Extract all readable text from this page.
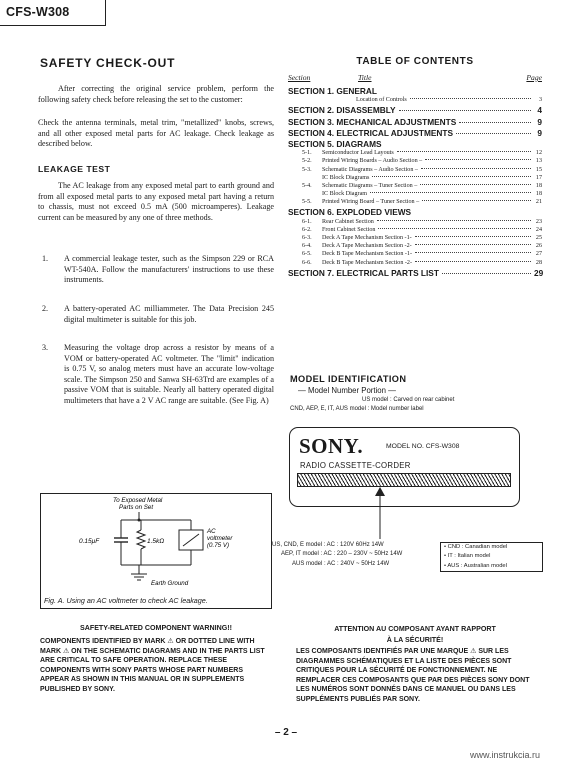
CFS-W308
SAFETY CHECK-OUT
After correcting the original service problem, perform the following safety check before releasing the set to the customer:
Check the antenna terminals, metal trim, "metallized" knobs, screws, and all other exposed metal parts for AC leakage. Check leakage as described below.
LEAKAGE TEST
The AC leakage from any exposed metal part to earth ground and from all exposed metal parts to any exposed metal part having a return to chassis, must not exceed 0.5 mA (500 microamperes). Leakage current can be measured by any one of three methods.
1. A commercial leakage tester, such as the Simpson 229 or RCA WT-540A. Follow the manufacturers' instructions to use these instruments.
2. A battery-operated AC milliammeter. The Data Precision 245 digital multimeter is suitable for this job.
3. Measuring the voltage drop across a resistor by means of a VOM or battery-operated AC voltmeter. The "limit" indication is 0.75 V, so analog meters must have an accurate low-voltage scale. The Simpson 250 and Sanwa SH-63Trd are examples of a passive VOM that is suitable. Nearly all battery operated digital multimeters that have a 2 V AC range are suitable. (See Fig. A)
To Exposed Metal
Parts on Set
0.15μF	1.5kΩ
AC
voltmeter
(0.75 V)
Earth Ground
Fig. A. Using an AC voltmeter to check AC leakage.
SAFETY-RELATED COMPONENT WARNING!!
COMPONENTS IDENTIFIED BY MARK ⚠ OR DOTTED LINE WITH MARK ⚠ ON THE SCHEMATIC DIAGRAMS AND IN THE PARTS LIST ARE CRITICAL TO SAFE OPERATION. REPLACE THESE COMPONENTS WITH SONY PARTS WHOSE PART NUMBERS APPEAR AS SHOWN IN THIS MANUAL OR IN SUPPLEMENTS PUBLISHED BY SONY.
TABLE OF CONTENTS
Section	Title	Page
SECTION 1. GENERAL
Location of Controls	3
SECTION 2. DISASSEMBLY	4
SECTION 3. MECHANICAL ADJUSTMENTS	9
SECTION 4. ELECTRICAL ADJUSTMENTS	9
SECTION 5. DIAGRAMS
5-1.	Semiconductor Lead Layouts	12
5-2.	Printed Wiring Boards – Audio Section –	13
5-3.	Schematic Diagrams – Audio Section –	15
IC Block Diagrams	17
5-4.	Schematic Diagrams – Tuner Section –	18
IC Block Diagram	18
5-5.	Printed Wiring Board – Tuner Section –	21
SECTION 6. EXPLODED VIEWS
6-1.	Rear Cabinet Section	23
6-2.	Front Cabinet Section	24
6-3.	Deck A Tape Mechanism Section -1-	25
6-4.	Deck A Tape Mechanism Section -2-	26
6-5.	Deck B Tape Mechanism Section -1-	27
6-6.	Deck B Tape Mechanism Section -2-	28
SECTION 7. ELECTRICAL PARTS LIST	29
MODEL IDENTIFICATION
— Model Number Portion —
US model : Carved on rear cabinet
CND, AEP, E, IT, AUS model : Model number label
SONY.	MODEL NO. CFS-W308
RADIO CASSETTE-CORDER
US, CND, E model : AC : 120V 60Hz 14W
AEP, IT model : AC : 220 – 230V ~ 50Hz 14W
AUS model : AC : 240V ~ 50Hz 14W
• CND : Canadian model
• IT : Italian model
• AUS : Australian model
ATTENTION AU COMPOSANT AYANT RAPPORT
À LA SÉCURITÉ!
LES COMPOSANTS IDENTIFIÉS PAR UNE MARQUE ⚠ SUR LES DIAGRAMMES SCHÉMATIQUES ET LA LISTE DES PIÈCES SONT CRITIQUES POUR LA SÉCURITÉ DE FONCTIONNEMENT. NE REMPLACER CES COMPOSANTS QUE PAR DES PIÈCES SONY DONT LES NUMÉROS SONT DONNÉS DANS CE MANUEL OU DANS LES SUPPLÉMENTS PUBLIÉS PAR SONY.
– 2 –
www.instrukcia.ru
